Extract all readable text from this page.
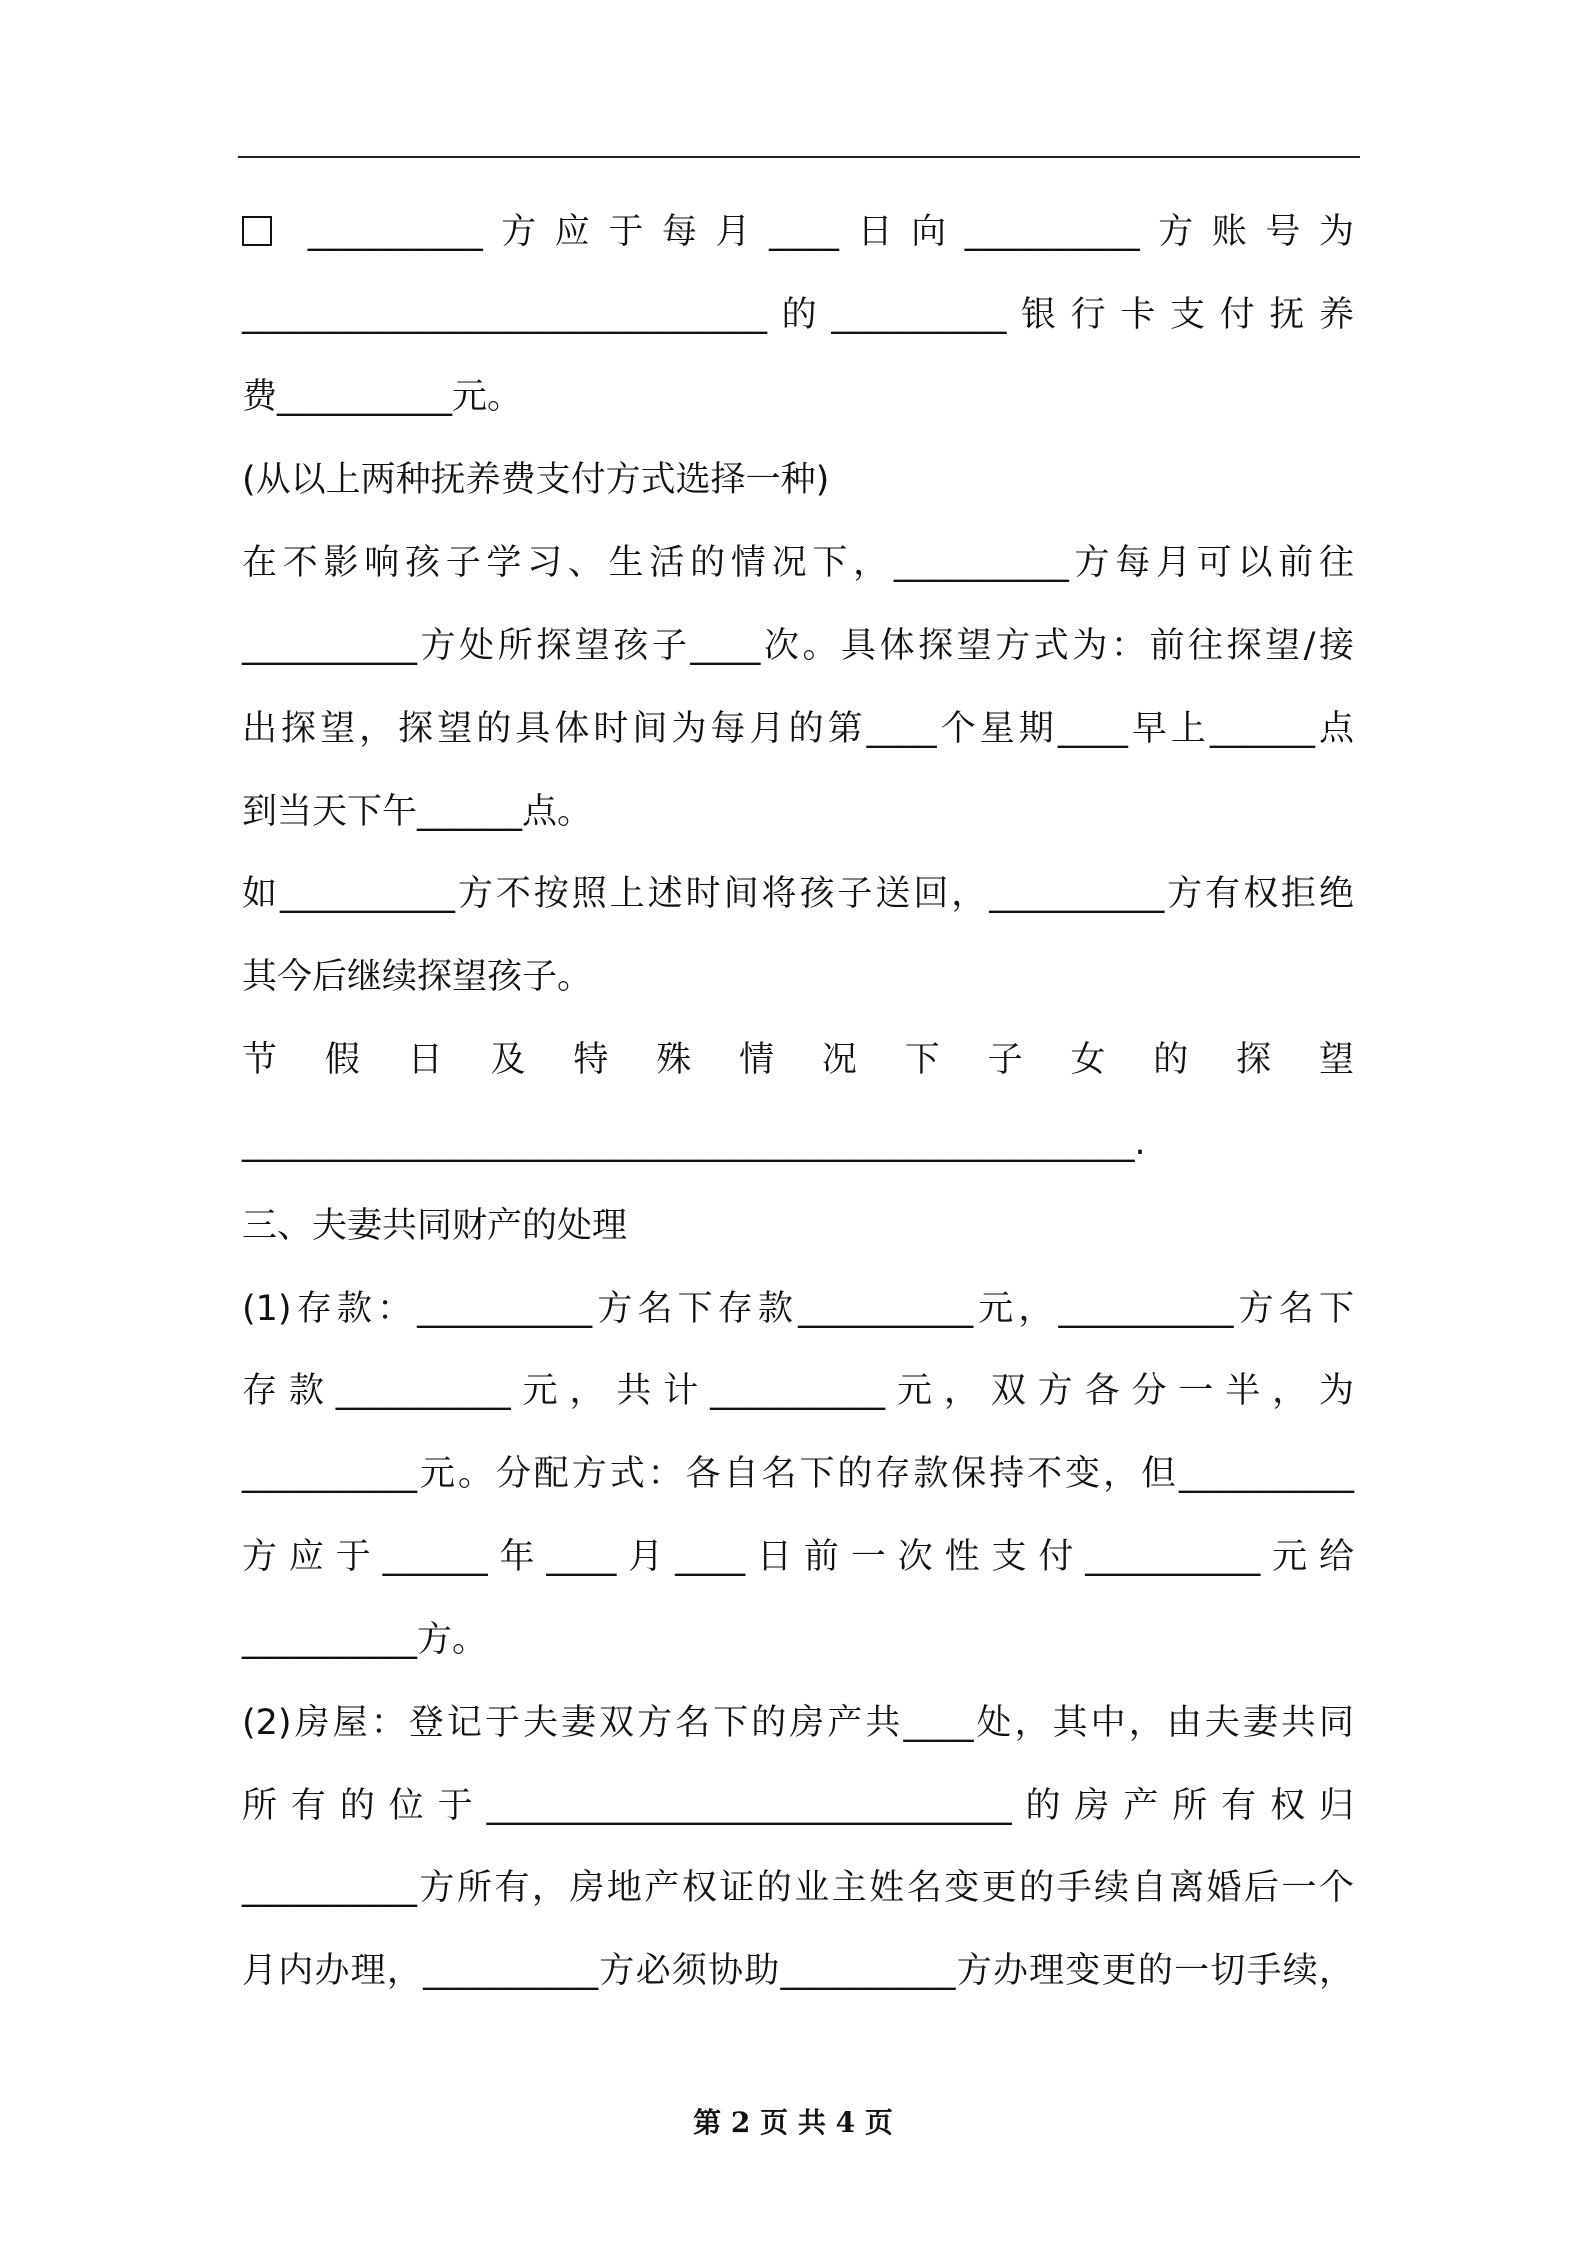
__________方应于每月____日向__________方账号为
______________________________的__________银行卡支付抚养
费__________元。
(从以上两种抚养费支付方式选择一种)
在不影响孩子学习、生活的情况下，__________方每月可以前往
__________方处所探望孩子____次。具体探望方式为：前往探望/接
出探望，探望的具体时间为每月的第____个星期____早上______点
到当天下午______点。
如__________方不按照上述时间将孩子送回，__________方有权拒绝
其今后继续探望孩子。
节 假 日 及 特 殊 情 况 下 子 女 的 探 望
___________________________________________________.
三、夫妻共同财产的处理
(1)存款：__________方名下存款__________元，__________方名下
存款__________元，共计__________元，双方各分一半，为
__________元。分配方式：各自名下的存款保持不变，但__________
方应于______年____月____日前一次性支付__________元给
__________方。
(2)房屋：登记于夫妻双方名下的房产共____处，其中，由夫妻共同
所有的位于______________________________的房产所有权归
__________方所有，房地产权证的业主姓名变更的手续自离婚后一个
月内办理，__________方必须协助__________方办理变更的一切手续，
第 2 页 共 4 页
